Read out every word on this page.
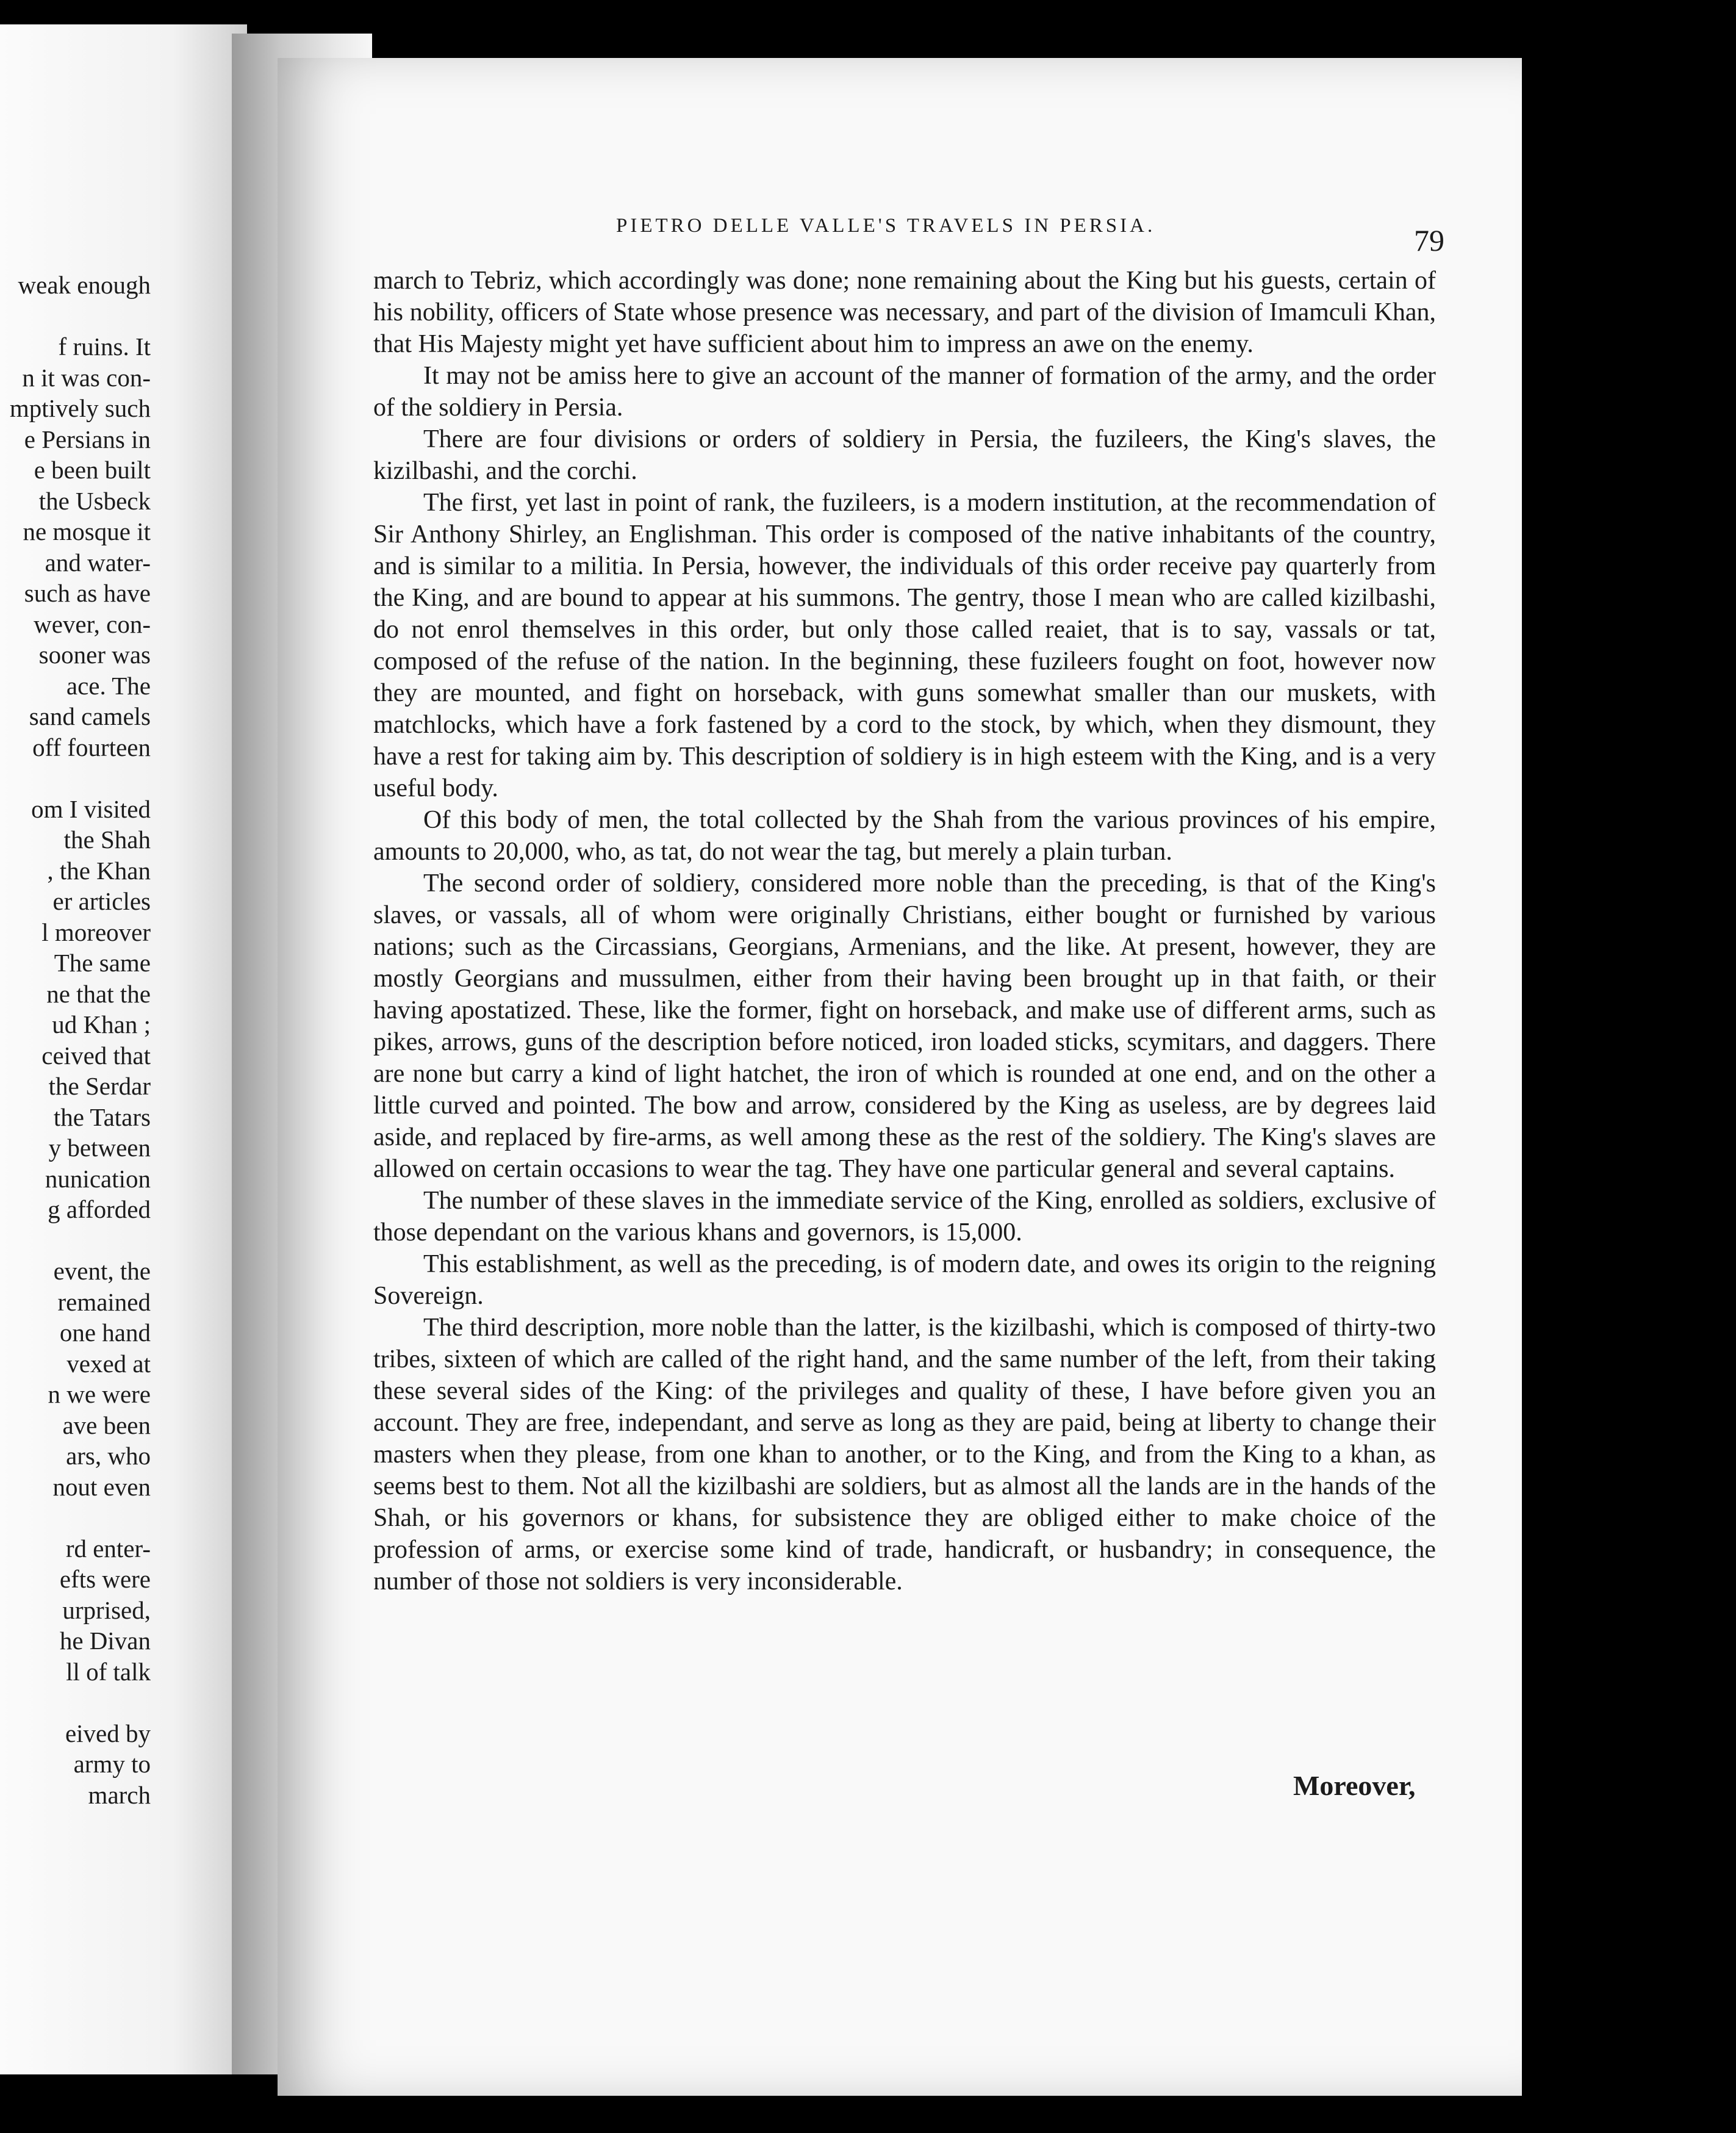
weak enough
f ruins. It
n it was con-
mptively such
e Persians in
e been built
the Usbeck
ne mosque it
and water-
such as have
wever, con-
sooner was
ace. The
sand camels
off fourteen
om I visited
the Shah
, the Khan
er articles
l moreover
The same
ne that the
ud Khan ;
ceived that
the Serdar
the Tatars
y between
nunication
g afforded
event, the
remained
one hand
vexed at
n we were
ave been
ars, who
nout even
rd enter-
efts were
urprised,
he Divan
ll of talk
eived by
army to
march
PIETRO DELLE VALLE'S TRAVELS IN PERSIA.	79

march to Tebriz, which accordingly was done; none remaining about the King but his guests, certain of his nobility, officers of State whose presence was necessary, and part of the division of Imamculi Khan, that His Majesty might yet have sufficient about him to impress an awe on the enemy.

It may not be amiss here to give an account of the manner of formation of the army, and the order of the soldiery in Persia.

There are four divisions or orders of soldiery in Persia, the fuzileers, the King's slaves, the kizilbashi, and the corchi.

The first, yet last in point of rank, the fuzileers, is a modern institution, at the recommendation of Sir Anthony Shirley, an Englishman. This order is composed of the native inhabitants of the country, and is similar to a militia. In Persia, however, the individuals of this order receive pay quarterly from the King, and are bound to appear at his summons. The gentry, those I mean who are called kizilbashi, do not enrol themselves in this order, but only those called reaiet, that is to say, vassals or tat, composed of the refuse of the nation. In the beginning, these fuzileers fought on foot, however now they are mounted, and fight on horseback, with guns somewhat smaller than our muskets, with matchlocks, which have a fork fastened by a cord to the stock, by which, when they dismount, they have a rest for taking aim by. This description of soldiery is in high esteem with the King, and is a very useful body.

Of this body of men, the total collected by the Shah from the various provinces of his empire, amounts to 20,000, who, as tat, do not wear the tag, but merely a plain turban.

The second order of soldiery, considered more noble than the preceding, is that of the King's slaves, or vassals, all of whom were originally Christians, either bought or furnished by various nations; such as the Circassians, Georgians, Armenians, and the like. At present, however, they are mostly Georgians and mussulmen, either from their having been brought up in that faith, or their having apostatized. These, like the former, fight on horseback, and make use of different arms, such as pikes, arrows, guns of the description before noticed, iron loaded sticks, scymitars, and daggers. There are none but carry a kind of light hatchet, the iron of which is rounded at one end, and on the other a little curved and pointed. The bow and arrow, considered by the King as useless, are by degrees laid aside, and replaced by fire-arms, as well among these as the rest of the soldiery. The King's slaves are allowed on certain occasions to wear the tag. They have one particular general and several captains.

The number of these slaves in the immediate service of the King, enrolled as soldiers, exclusive of those dependant on the various khans and governors, is 15,000.

This establishment, as well as the preceding, is of modern date, and owes its origin to the reigning Sovereign.

The third description, more noble than the latter, is the kizilbashi, which is composed of thirty-two tribes, sixteen of which are called of the right hand, and the same number of the left, from their taking these several sides of the King: of the privileges and quality of these, I have before given you an account. They are free, independant, and serve as long as they are paid, being at liberty to change their masters when they please, from one khan to another, or to the King, and from the King to a khan, as seems best to them. Not all the kizilbashi are soldiers, but as almost all the lands are in the hands of the Shah, or his governors or khans, for subsistence they are obliged either to make choice of the profession of arms, or exercise some kind of trade, handicraft, or husbandry; in consequence, the number of those not soldiers is very inconsiderable.

Moreover,
